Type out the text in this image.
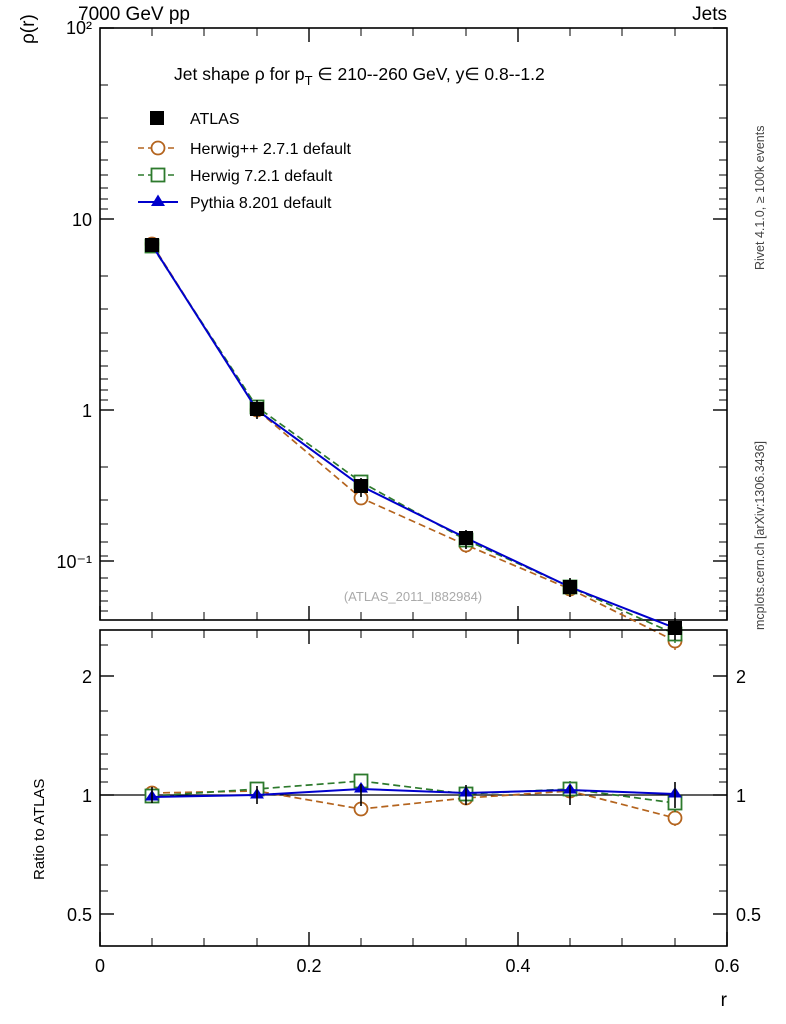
7000 GeV pp	Jets
Rivet 4.1.0, ≥ 100k events
mcplots.cern.ch [arXiv:1306.3436]
10²
10
1
10⁻¹
ρ(r)
Jet shape ρ for $p_T$ ∈ 210--260 GeV, y∈ 0.8--1.2
ATLAS
Herwig++ 2.7.1 default
Herwig 7.2.1 default
Pythia 8.201 default
(ATLAS_2011_I882984)
2
1
0.5
2
1
0.5
Ratio to ATLAS
0	0.2	0.4	0.6
r
